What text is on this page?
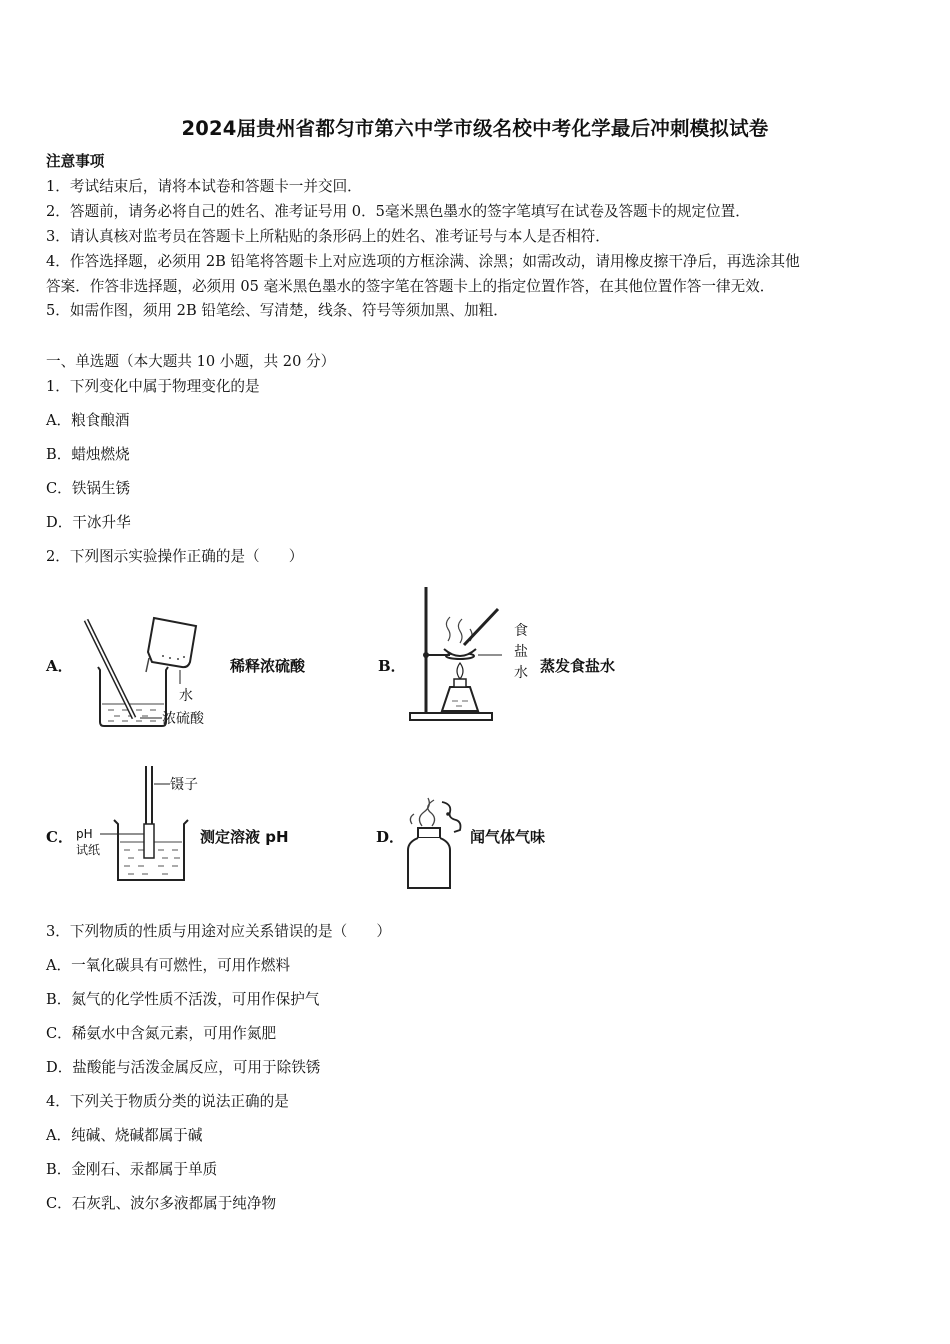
2024届贵州省都匀市第六中学市级名校中考化学最后冲刺模拟试卷
注意事项
1．考试结束后，请将本试卷和答题卡一并交回．
2．答题前，请务必将自己的姓名、准考证号用 0．5毫米黑色墨水的签字笔填写在试卷及答题卡的规定位置．
3．请认真核对监考员在答题卡上所粘贴的条形码上的姓名、准考证号与本人是否相符．
4．作答选择题，必须用 2B 铅笔将答题卡上对应选项的方框涂满、涂黑；如需改动，请用橡皮擦干净后，再选涂其他
答案．作答非选择题，必须用 05 毫米黑色墨水的签字笔在答题卡上的指定位置作答，在其他位置作答一律无效．
5．如需作图，须用 2B 铅笔绘、写清楚，线条、符号等须加黑、加粗．
一、单选题（本大题共 10 小题，共 20 分）
1．下列变化中属于物理变化的是
A．粮食酿酒
B．蜡烛燃烧
C．铁锅生锈
D．干冰升华
2．下列图示实验操作正确的是（　　）
A．
水
浓硫酸
稀释浓硫酸	B．
食
盐
水 蒸发食盐水
C．
镊子
pH
试纸
测定溶液 pH	D．	闻气体气味
3．下列物质的性质与用途对应关系错误的是（　　）
A．一氧化碳具有可燃性，可用作燃料
B．氮气的化学性质不活泼，可用作保护气
C．稀氨水中含氮元素，可用作氮肥
D．盐酸能与活泼金属反应，可用于除铁锈
4．下列关于物质分类的说法正确的是
A．纯碱、烧碱都属于碱
B．金刚石、汞都属于单质
C．石灰乳、波尔多液都属于纯净物
